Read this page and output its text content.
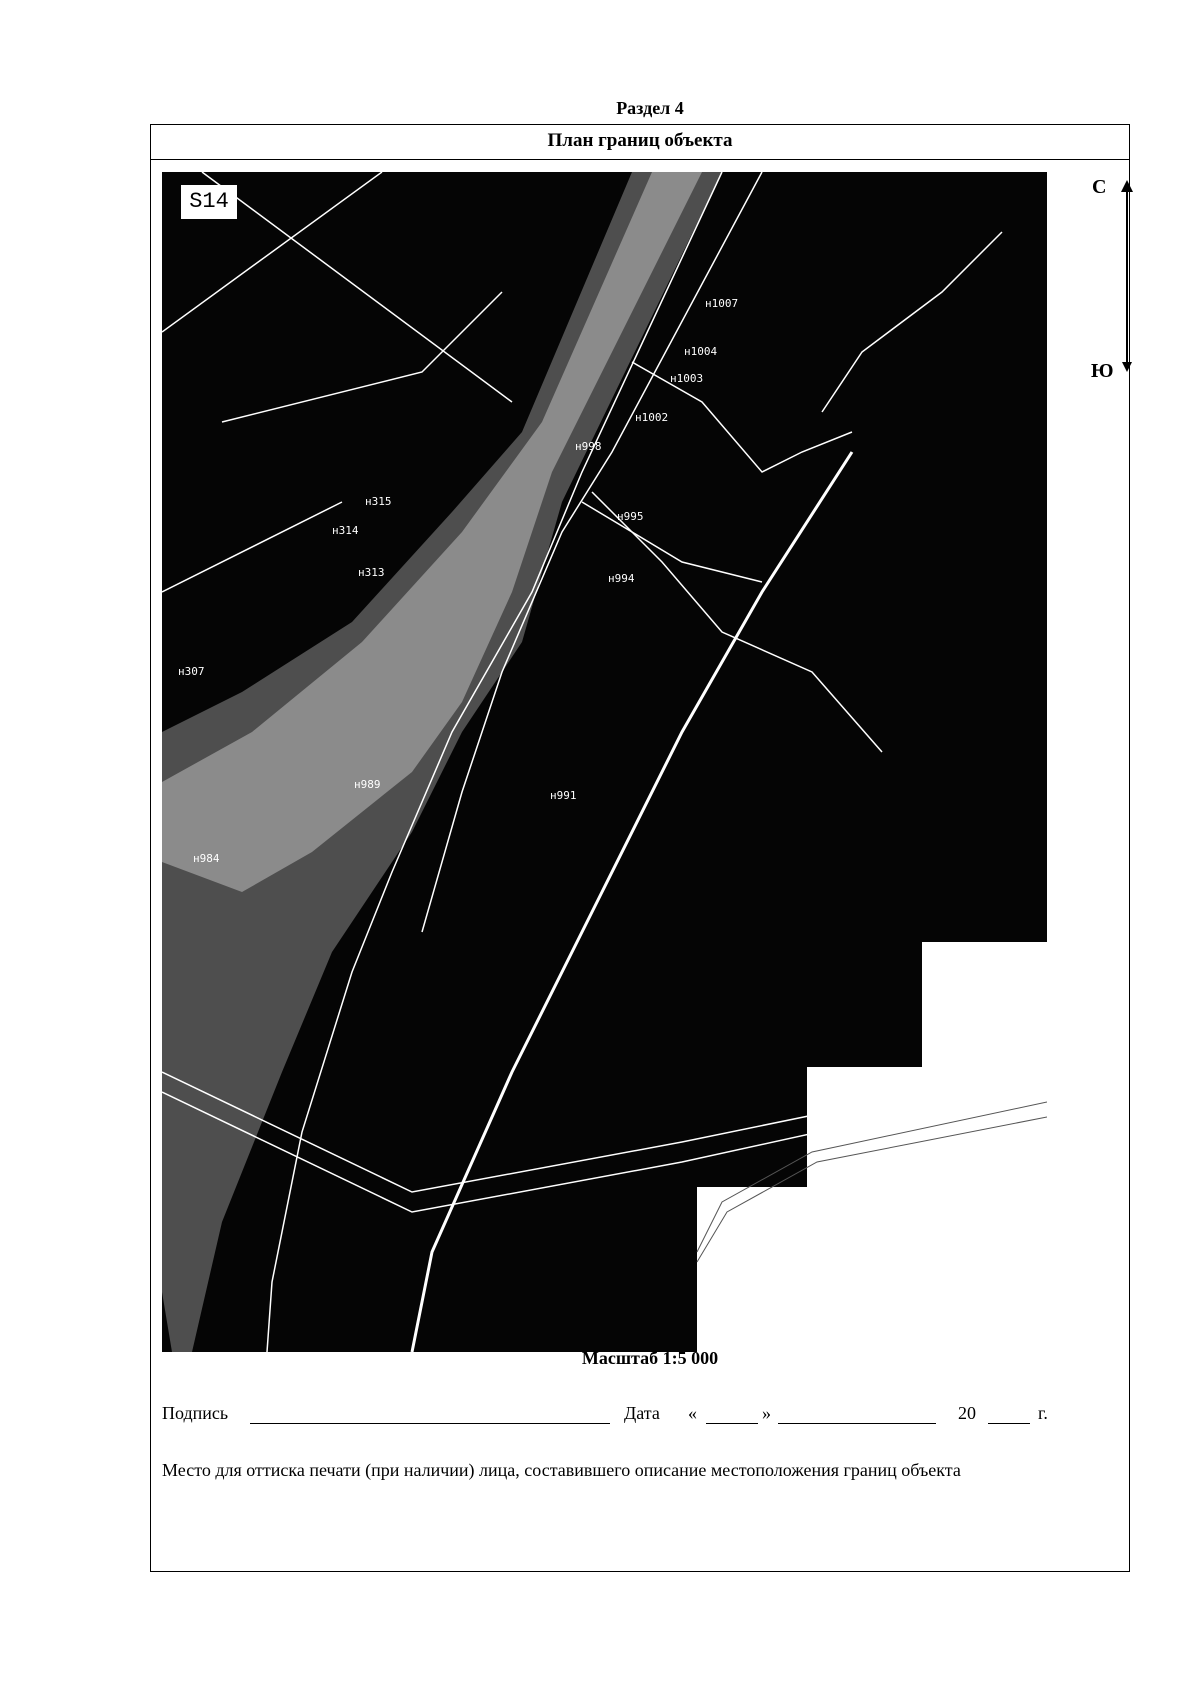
Раздел 4
План границ объекта
S14
н1007
н1004
н1003
н1002
н995
н994
н315
н314
н313
н307
н989
н991
н984
н998
С
Ю
Масштаб 1:5 000
Подпись	Дата «	»	20	г.
Место для оттиска печати (при наличии) лица, составившего описание местоположения границ объекта
